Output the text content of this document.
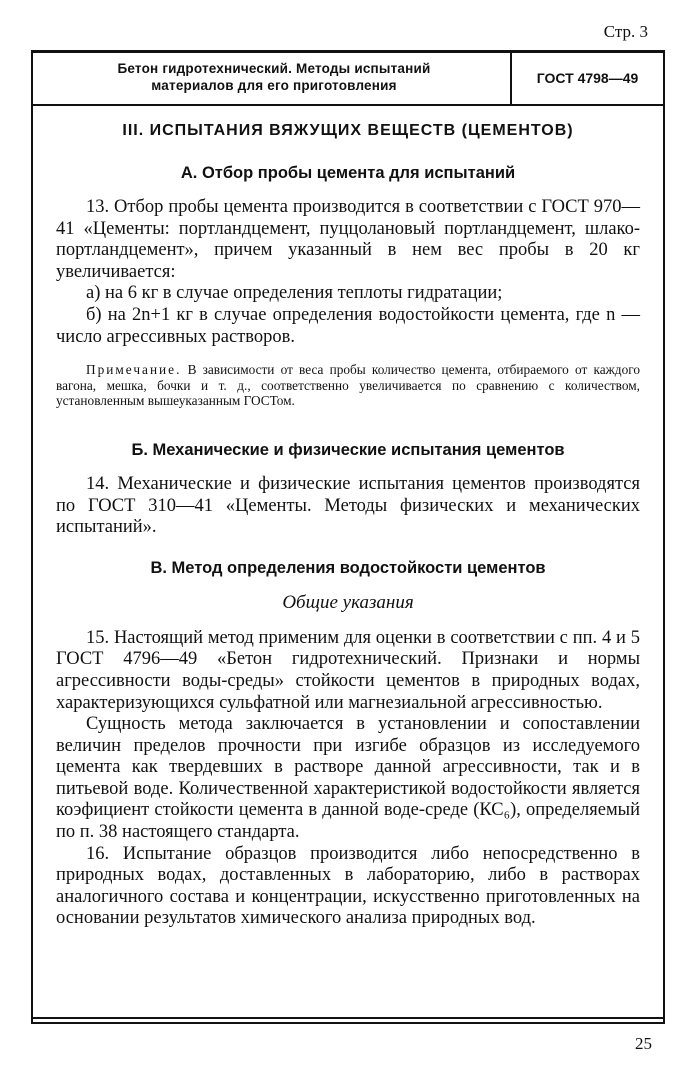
Стр. 3
Бетон гидротехнический. Методы испытаний
материалов для его приготовления	ГОСТ 4798—49
III. ИСПЫТАНИЯ ВЯЖУЩИХ ВЕЩЕСТВ (ЦЕМЕНТОВ)
А. Отбор пробы цемента для испытаний

13. Отбор пробы цемента производится в соответствии с ГОСТ 970—41 «Цементы: портландцемент, пуццолановый портландцемент, шлако-портландцемент», причем указанный в нем вес пробы в 20 кг увеличивается:

а) на 6 кг в случае определения теплоты гидратации;

б) на 2n+1 кг в случае определения водостойкости цемента, где n — число агрессивных растворов.

Примечание. В зависимости от веса пробы количество цемента, отбираемого от каждого вагона, мешка, бочки и т. д., соответственно увеличивается по сравнению с количеством, установленным вышеуказанным ГОСТом.
Б. Механические и физические испытания цементов

14. Механические и физические испытания цементов производятся по ГОСТ 310—41 «Цементы. Методы физических и механических испытаний».

В. Метод определения водостойкости цементов
Общие указания

15. Настоящий метод применим для оценки в соответствии с пп. 4 и 5 ГОСТ 4796—49 «Бетон гидротехнический. Признаки и нормы агрессивности воды-среды» стойкости цементов в природных водах, характеризующихся сульфатной или магнезиальной агрессивностью.

Сущность метода заключается в установлении и сопоставлении величин пределов прочности при изгибе образцов из исследуемого цемента как твердевших в растворе данной агрессивности, так и в питьевой воде. Количественной характеристикой водостойкости является коэфициент стойкости цемента в данной воде-среде (КС₆), определяемый по п. 38 настоящего стандарта.

16. Испытание образцов производится либо непосредственно в природных водах, доставленных в лабораторию, либо в растворах аналогичного состава и концентрации, искусственно приготовленных на основании результатов химического анализа природных вод.

25
